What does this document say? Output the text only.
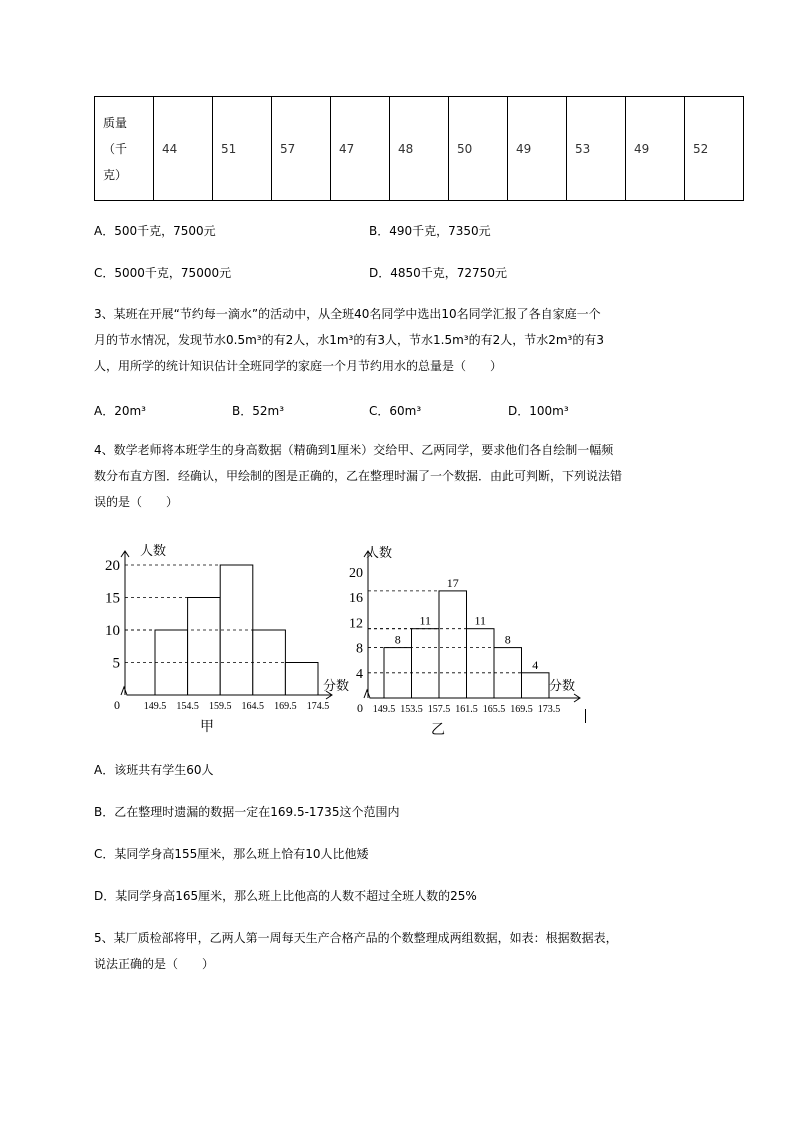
质量
（千
克）
	44	51	57	47	48	50	49	53	49	52
A．500千克，7500元	B．490千克，7350元
C．5000千克，75000元	D．4850千克，72750元
3、某班在开展“节约每一滴水”的活动中，从全班40名同学中选出10名同学汇报了各自家庭一个
月的节水情况，发现节水0.5m³的有2人，水1m³的有3人，节水1.5m³的有2人，节水2m³的有3
人，用所学的统计知识估计全班同学的家庭一个月节约用水的总量是（　　）
A．20m³	B．52m³	C．60m³	D．100m³
4、数学老师将本班学生的身高数据（精确到1厘米）交给甲、乙两同学，要求他们各自绘制一幅频
数分布直方图．经确认，甲绘制的图是正确的，乙在整理时漏了一个数据．由此可判断，下列说法错
误的是（　　）
0
人数
分数
5
10
15
20
149.5 154.5 159.5 164.5 169.5 174.5
甲
0
人数
分数
4
8
12
16
20
8
11
17
11
8
4
149.5 153.5 157.5 161.5 165.5 169.5 173.5
乙
A．该班共有学生60人
B．乙在整理时遗漏的数据一定在169.5-1735这个范围内
C．某同学身高155厘米，那么班上恰有10人比他矮
D．某同学身高165厘米，那么班上比他高的人数不超过全班人数的25%
5、某厂质检部将甲，乙两人第一周每天生产合格产品的个数整理成两组数据，如表：根据数据表，
说法正确的是（　　）
